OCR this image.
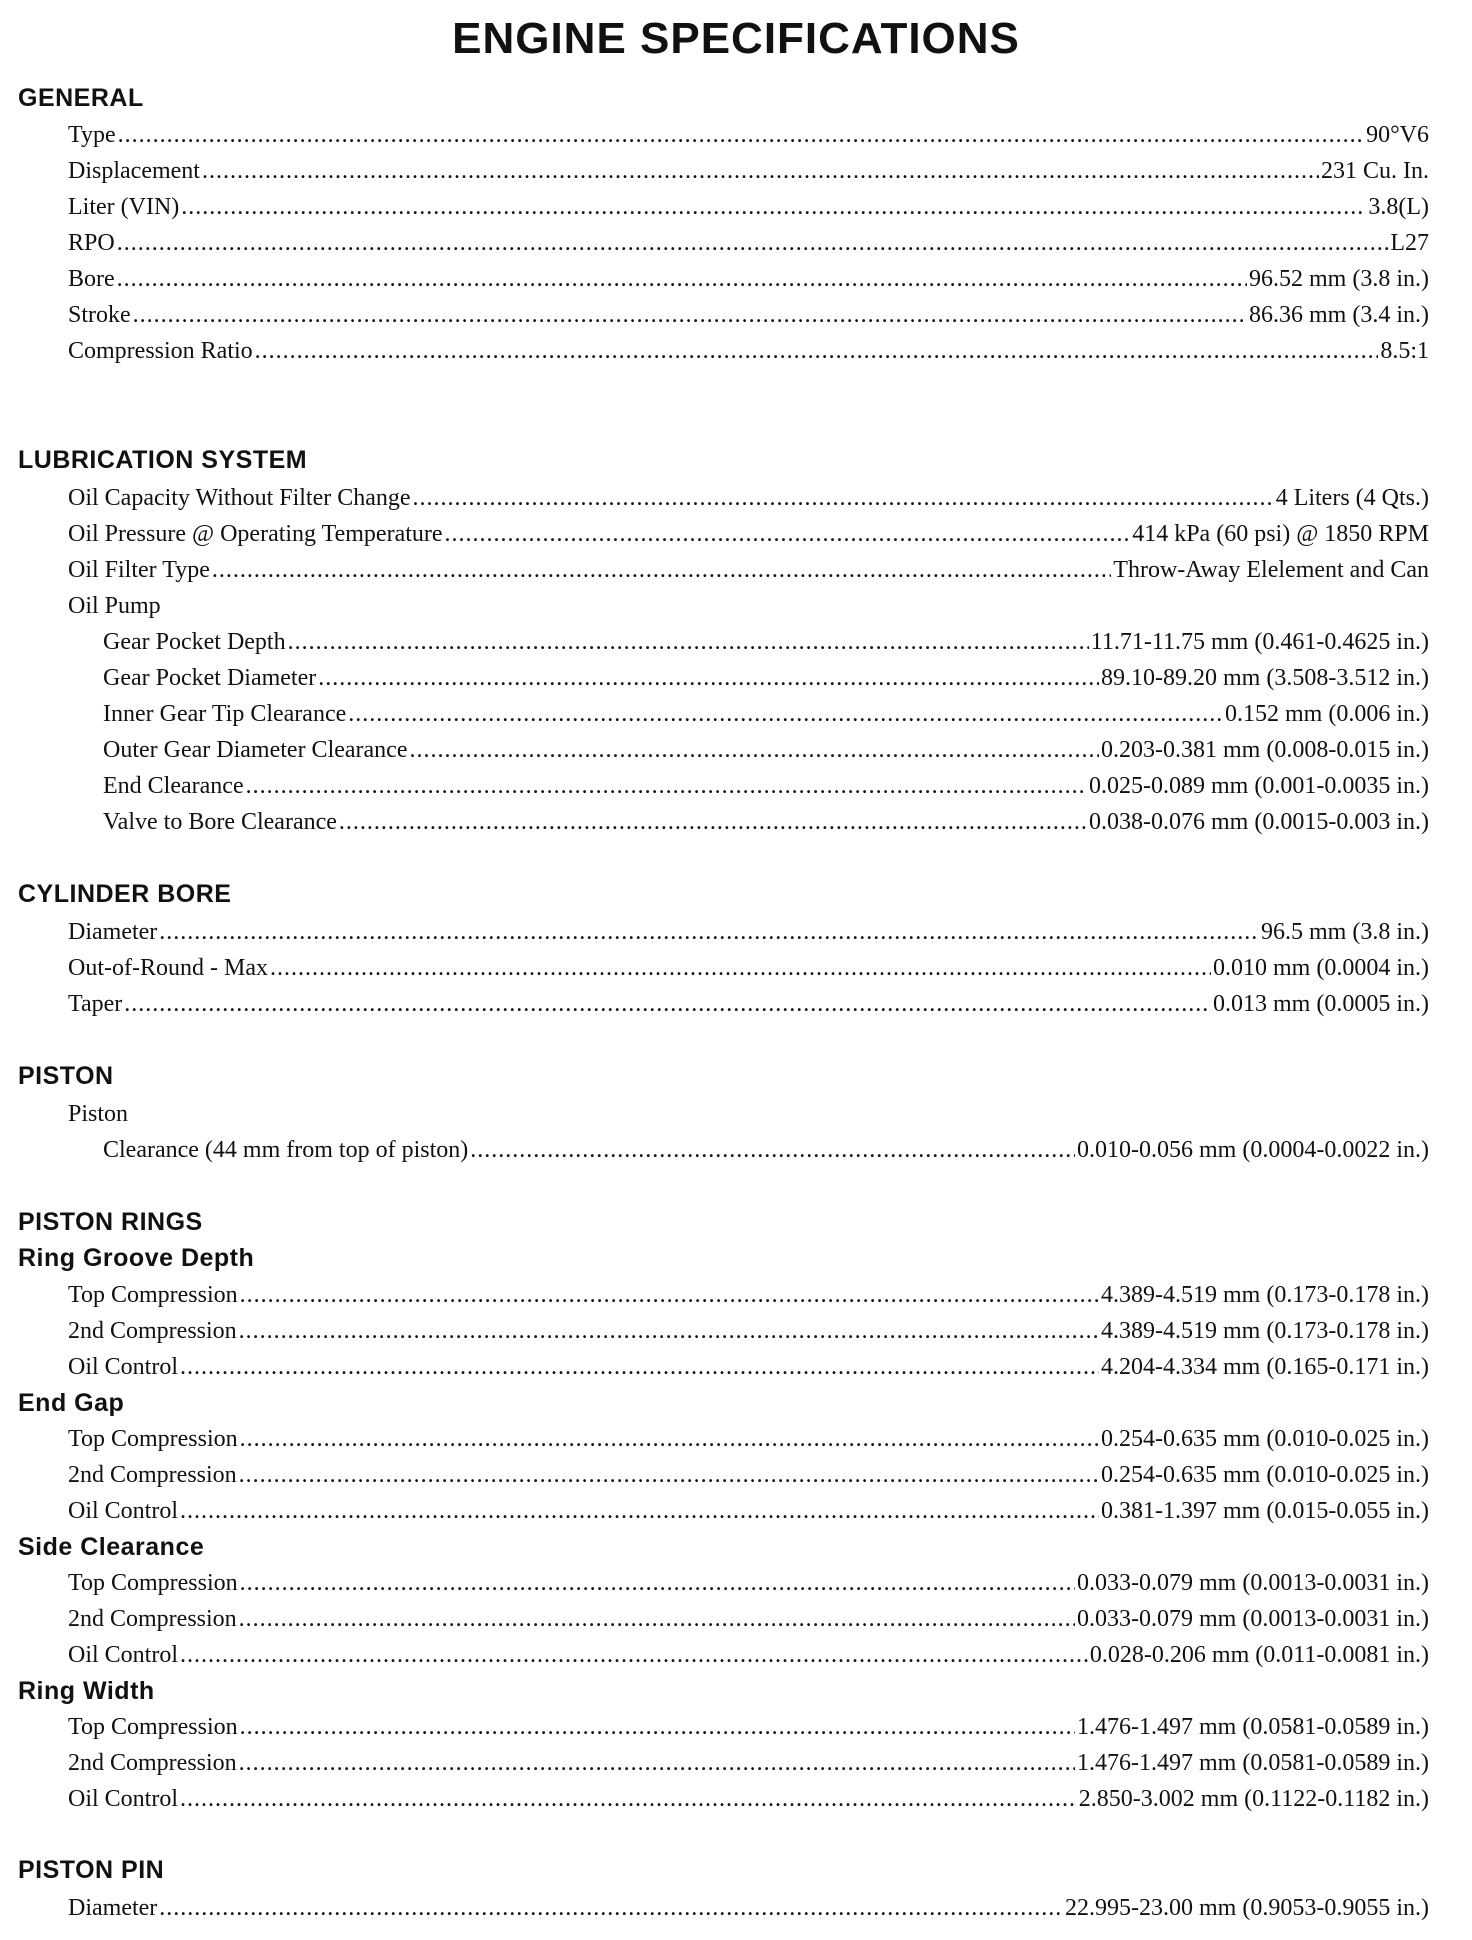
ENGINE SPECIFICATIONS
GENERAL
Type .....	90°V6
Displacement .....	231 Cu. In.
Liter (VIN) .....	3.8(L)
RPO .....	L27
Bore .....	96.52 mm (3.8 in.)
Stroke .....	86.36 mm (3.4 in.)
Compression Ratio .....	8.5:1
LUBRICATION SYSTEM
Oil Capacity Without Filter Change .....	4 Liters (4 Qts.)
Oil Pressure @ Operating Temperature .....	414 kPa (60 psi) @ 1850 RPM
Oil Filter Type .....	Throw-Away Elelement and Can
Oil Pump
Gear Pocket Depth .....	11.71-11.75 mm (0.461-0.4625 in.)
Gear Pocket Diameter .....	89.10-89.20 mm (3.508-3.512 in.)
Inner Gear Tip Clearance .....	0.152 mm (0.006 in.)
Outer Gear Diameter Clearance .....	0.203-0.381 mm (0.008-0.015 in.)
End Clearance .....	0.025-0.089 mm (0.001-0.0035 in.)
Valve to Bore Clearance .....	0.038-0.076 mm (0.0015-0.003 in.)
CYLINDER BORE
Diameter .....	96.5 mm (3.8 in.)
Out-of-Round - Max .....	0.010 mm (0.0004 in.)
Taper .....	0.013 mm (0.0005 in.)
PISTON
Piston
Clearance (44 mm from top of piston) .....	0.010-0.056 mm (0.0004-0.0022 in.)
PISTON RINGS
Ring Groove Depth
Top Compression .....	4.389-4.519 mm (0.173-0.178 in.)
2nd Compression .....	4.389-4.519 mm (0.173-0.178 in.)
Oil Control .....	4.204-4.334 mm (0.165-0.171 in.)
End Gap
Top Compression .....	0.254-0.635 mm (0.010-0.025 in.)
2nd Compression .....	0.254-0.635 mm (0.010-0.025 in.)
Oil Control .....	0.381-1.397 mm (0.015-0.055 in.)
Side Clearance
Top Compression .....	0.033-0.079 mm (0.0013-0.0031 in.)
2nd Compression .....	0.033-0.079 mm (0.0013-0.0031 in.)
Oil Control .....	0.028-0.206 mm (0.011-0.0081 in.)
Ring Width
Top Compression .....	1.476-1.497 mm (0.0581-0.0589 in.)
2nd Compression .....	1.476-1.497 mm (0.0581-0.0589 in.)
Oil Control .....	2.850-3.002 mm (0.1122-0.1182 in.)
PISTON PIN
Diameter .....	22.995-23.00 mm (0.9053-0.9055 in.)
